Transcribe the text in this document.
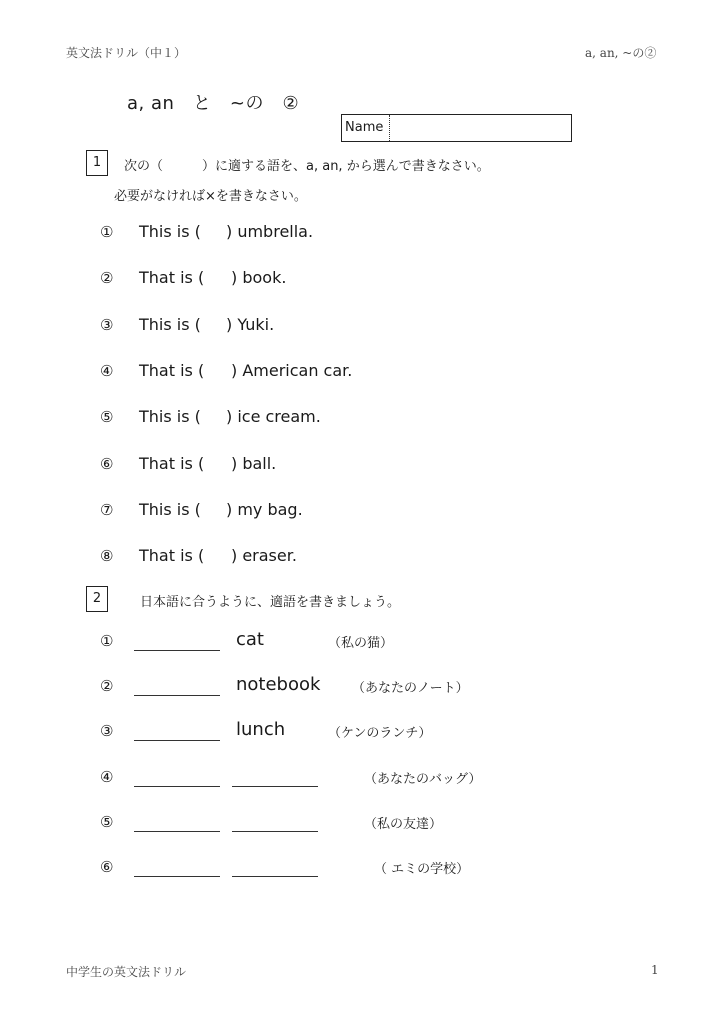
英文法ドリル（中１）	a, an, ~の②
a, an　と　~の　②
Name
1	次の（　　　）に適する語を、a, an, から選んで書きなさい。
必要がなければ×を書きなさい。
① This is ( ) umbrella.
② That is ( ) book.
③ This is ( ) Yuki.
④ That is ( ) American car.
⑤ This is ( ) ice cream.
⑥ That is ( ) ball.
⑦ This is ( ) my bag.
⑧ That is ( ) eraser.
2	日本語に合うように、適語を書きましょう。
①	cat	（私の猫）
②	notebook （あなたのノート）
③	lunch	（ケンのランチ）
④	（あなたのバッグ）
⑤	（私の友達）
⑥	（ エミの学校）
中学生の英文法ドリル	1
